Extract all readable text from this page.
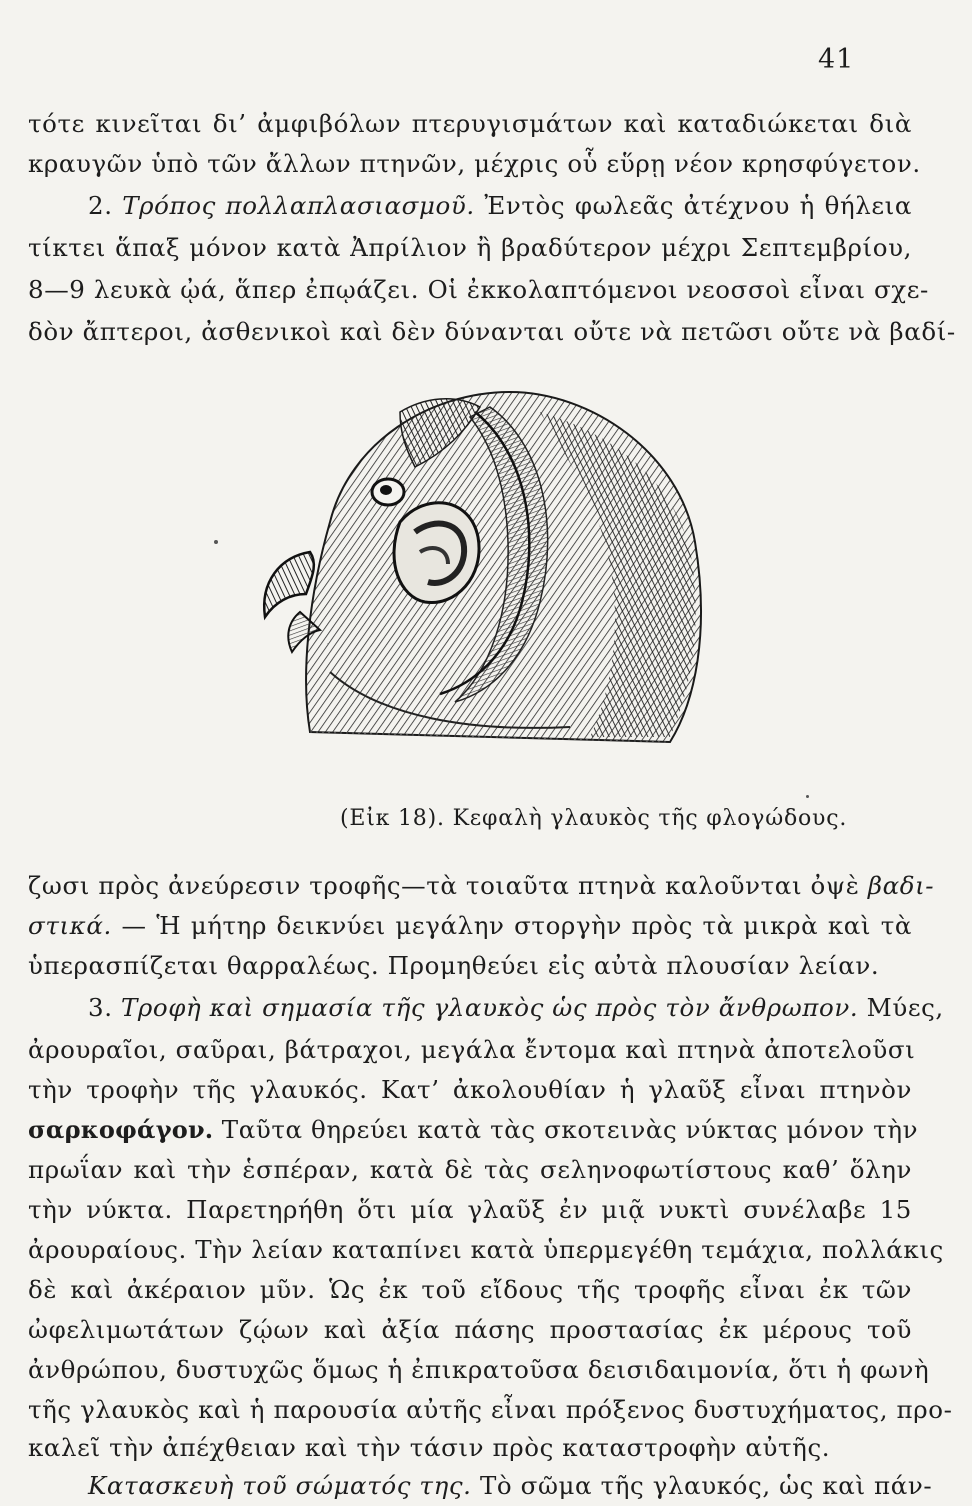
41
τότε κινεῖται δι’ ἀμφιβόλων πτερυγισμάτων καὶ καταδιώκεται διὰ
κραυγῶν ὑπὸ τῶν ἄλλων πτηνῶν, μέχρις οὗ εὕρῃ νέον κρησφύγετον.
2. Τρόπος πολλαπλασιασμοῦ. Ἐντὸς φωλεᾶς ἀτέχνου ἡ θήλεια
τίκτει ἅπαξ μόνον κατὰ Ἀπρίλιον ἢ βραδύτερον μέχρι Σεπτεμβρίου,
8—9 λευκὰ ᾠά, ἅπερ ἐπῳάζει. Οἱ ἐκκολαπτόμενοι νεοσσοὶ εἶναι σχε-
δὸν ἄπτεροι, ἀσθενικοὶ καὶ δὲν δύνανται οὔτε νὰ πετῶσι οὔτε νὰ βαδί-
(Εἰκ 18). Κεφαλὴ γλαυκὸς τῆς φλογώδους.
ζωσι πρὸς ἀνεύρεσιν τροφῆς—τὰ τοιαῦτα πτηνὰ καλοῦνται ὀψὲ βαδι-
στικά. — Ἡ μήτηρ δεικνύει μεγάλην στοργὴν πρὸς τὰ μικρὰ καὶ τὰ
ὑπερασπίζεται θαρραλέως. Προμηθεύει εἰς αὐτὰ πλουσίαν λείαν.
3. Τροφὴ καὶ σημασία τῆς γλαυκὸς ὡς πρὸς τὸν ἄνθρωπον. Μύες,
ἀρουραῖοι, σαῦραι, βάτραχοι, μεγάλα ἔντομα καὶ πτηνὰ ἀποτελοῦσι
τὴν τροφὴν τῆς γλαυκός. Κατ’ ἀκολουθίαν ἡ γλαῦξ εἶναι πτηνὸν
σαρκοφάγον. Ταῦτα θηρεύει κατὰ τὰς σκοτεινὰς νύκτας μόνον τὴν
πρωΐαν καὶ τὴν ἑσπέραν, κατὰ δὲ τὰς σεληνοφωτίστους καθ’ ὅλην
τὴν νύκτα. Παρετηρήθη ὅτι μία γλαῦξ ἐν μιᾷ νυκτὶ συνέλαβε 15
ἀρουραίους. Τὴν λείαν καταπίνει κατὰ ὑπερμεγέθη τεμάχια, πολλάκις
δὲ καὶ ἀκέραιον μῦν. Ὡς ἐκ τοῦ εἴδους τῆς τροφῆς εἶναι ἐκ τῶν
ὠφελιμωτάτων ζῴων καὶ ἀξία πάσης προστασίας ἐκ μέρους τοῦ
ἀνθρώπου, δυστυχῶς ὅμως ἡ ἐπικρατοῦσα δεισιδαιμονία, ὅτι ἡ φωνὴ
τῆς γλαυκὸς καὶ ἡ παρουσία αὐτῆς εἶναι πρόξενος δυστυχήματος, προ-
καλεῖ τὴν ἀπέχθειαν καὶ τὴν τάσιν πρὸς καταστροφὴν αὐτῆς.
Κατασκευὴ τοῦ σώματός της. Τὸ σῶμα τῆς γλαυκός, ὡς καὶ πάν-
